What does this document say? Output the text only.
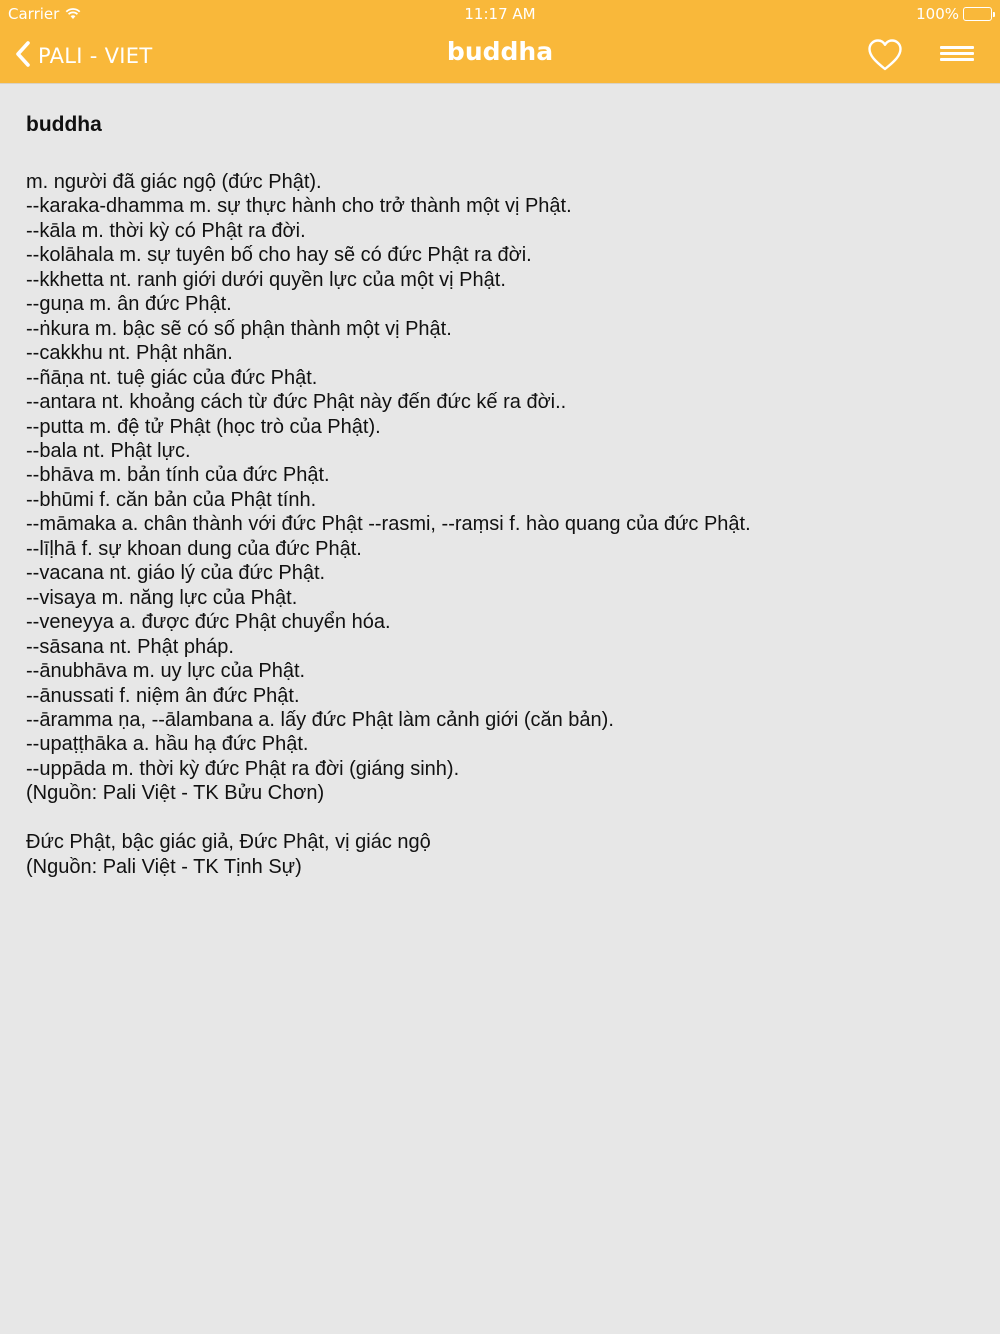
Carrier	11:17 AM	100%
PALI - VIET	buddha
buddha
m. người đã giác ngộ (đức Phật).
--karaka-dhamma m. sự thực hành cho trở thành một vị Phật.
--kāla m. thời kỳ có Phật ra đời.
--kolāhala m. sự tuyên bố cho hay sẽ có đức Phật ra đời.
--kkhetta nt. ranh giới dưới quyền lực của một vị Phật.
--guṇa m. ân đức Phật.
--ṅkura m. bậc sẽ có số phận thành một vị Phật.
--cakkhu nt. Phật nhãn.
--ñāṇa nt. tuệ giác của đức Phật.
--antara nt. khoảng cách từ đức Phật này đến đức kế ra đời..
--putta m. đệ tử Phật (học trò của Phật).
--bala nt. Phật lực.
--bhāva m. bản tính của đức Phật.
--bhūmi f. căn bản của Phật tính.
--māmaka a. chân thành với đức Phật --rasmi, --raṃsi f. hào quang của đức Phật.
--līḷhā f. sự khoan dung của đức Phật.
--vacana nt. giáo lý của đức Phật.
--visaya m. năng lực của Phật.
--veneyya a. được đức Phật chuyển hóa.
--sāsana nt. Phật pháp.
--ānubhāva m. uy lực của Phật.
--ānussati f. niệm ân đức Phật.
--āramma ṇa, --ālambana a. lấy đức Phật làm cảnh giới (căn bản).
--upaṭṭhāka a. hầu hạ đức Phật.
--uppāda m. thời kỳ đức Phật ra đời (giáng sinh).
(Nguồn: Pali Việt - TK Bửu Chơn)
Đức Phật, bậc giác giả, Đức Phật, vị giác ngộ
(Nguồn: Pali Việt - TK Tịnh Sự)
